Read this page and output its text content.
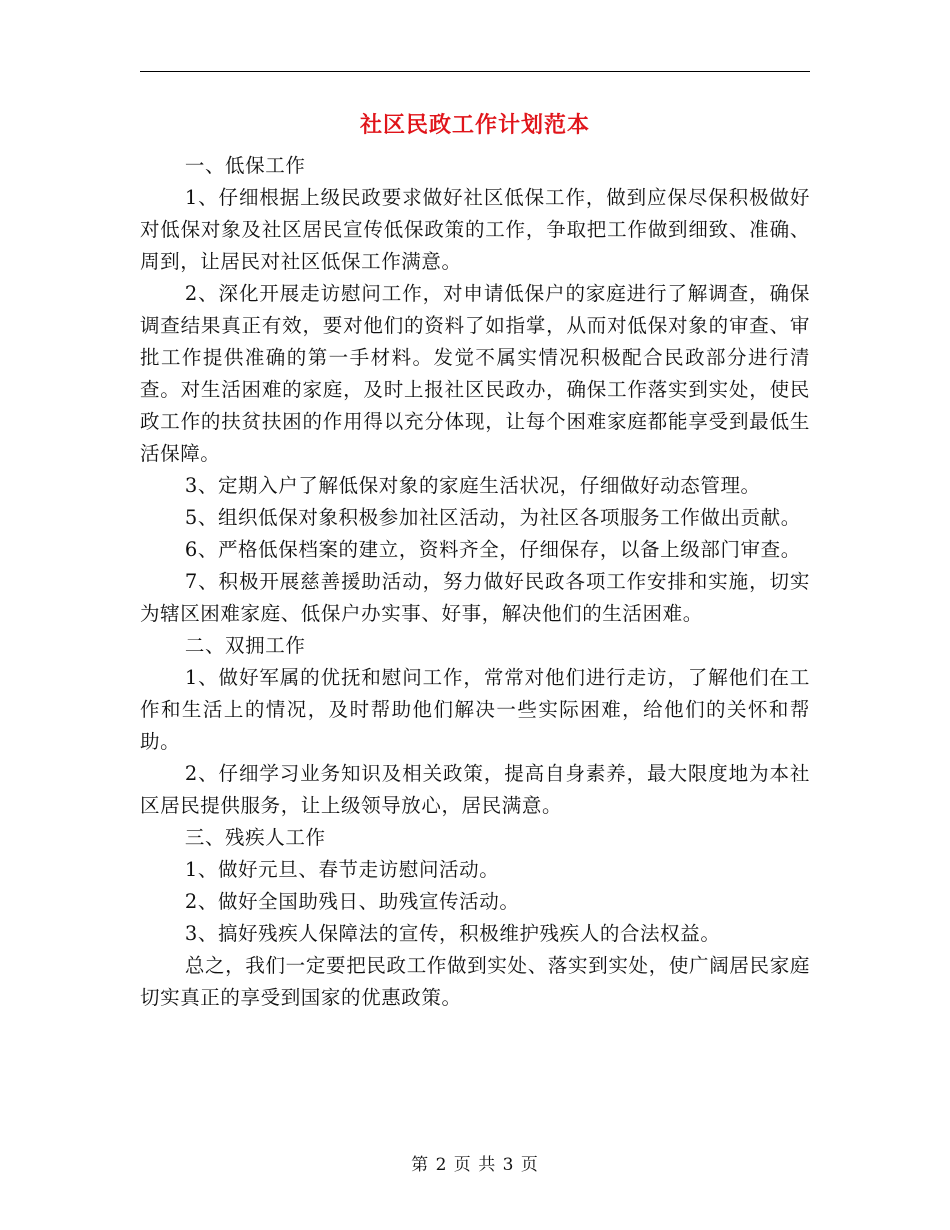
社区民政工作计划范本

一、低保工作

1、仔细根据上级民政要求做好社区低保工作，做到应保尽保积极做好对低保对象及社区居民宣传低保政策的工作，争取把工作做到细致、准确、周到，让居民对社区低保工作满意。

2、深化开展走访慰问工作，对申请低保户的家庭进行了解调查，确保调查结果真正有效，要对他们的资料了如指掌，从而对低保对象的审查、审批工作提供准确的第一手材料。发觉不属实情况积极配合民政部分进行清查。对生活困难的家庭，及时上报社区民政办，确保工作落实到实处，使民政工作的扶贫扶困的作用得以充分体现，让每个困难家庭都能享受到最低生活保障。

3、定期入户了解低保对象的家庭生活状况，仔细做好动态管理。

5、组织低保对象积极参加社区活动，为社区各项服务工作做出贡献。

6、严格低保档案的建立，资料齐全，仔细保存，以备上级部门审查。

7、积极开展慈善援助活动，努力做好民政各项工作安排和实施，切实为辖区困难家庭、低保户办实事、好事，解决他们的生活困难。

二、双拥工作

1、做好军属的优抚和慰问工作，常常对他们进行走访，了解他们在工作和生活上的情况，及时帮助他们解决一些实际困难，给他们的关怀和帮助。

2、仔细学习业务知识及相关政策，提高自身素养，最大限度地为本社区居民提供服务，让上级领导放心，居民满意。

三、残疾人工作

1、做好元旦、春节走访慰问活动。

2、做好全国助残日、助残宣传活动。

3、搞好残疾人保障法的宣传，积极维护残疾人的合法权益。

总之，我们一定要把民政工作做到实处、落实到实处，使广阔居民家庭切实真正的享受到国家的优惠政策。

第 2 页 共 3 页
